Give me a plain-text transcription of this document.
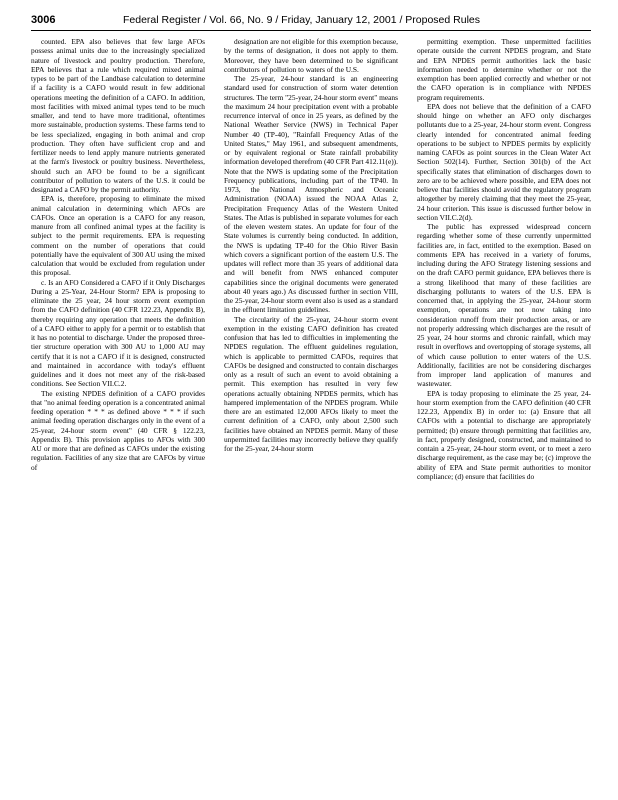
3006	Federal Register / Vol. 66, No. 9 / Friday, January 12, 2001 / Proposed Rules

counted. EPA also believes that few large AFOs possess animal units due to the increasingly specialized nature of livestock and poultry production. Therefore, EPA believes that a rule which required mixed animal types to be part of the Landbase calculation to determine if a facility is a CAFO would result in few additional operations meeting the definition of a CAFO. In addition, most facilities with mixed animal types tend to be much smaller, and tend to have more traditional, oftentimes more sustainable, production systems. These farms tend to be less specialized, engaging in both animal and crop production. They often have sufficient crop and and fertilizer needs to lend apply manure nutrients generated at the farm's livestock or poultry business. Nevertheless, should such an AFO be found to be a significant contributor of pollution to waters of the U.S. it could be designated a CAFO by the permit authority.

EPA is, therefore, proposing to eliminate the mixed animal calculation in determining which AFOs are CAFOs. Once an operation is a CAFO for any reason, manure from all confined animal types at the facility is subject to the permit requirements. EPA is requesting comment on the number of operations that could potentially have the equivalent of 300 AU using the mixed calculation that would be excluded from regulation under this proposal.

c. Is an AFO Considered a CAFO if it Only Discharges During a 25-Year, 24-Hour Storm? EPA is proposing to eliminate the 25 year, 24 hour storm event exemption from the CAFO definition (40 CFR 122.23, Appendix B), thereby requiring any operation that meets the definition of a CAFO either to apply for a permit or to establish that it has no potential to discharge. Under the proposed three-tier structure operation with 300 AU to 1,000 AU may certify that it is not a CAFO if it is designed, constructed and maintained in accordance with today's effluent guidelines and it does not meet any of the risk-based conditions. See Section VII.C.2.

The existing NPDES definition of a CAFO provides that "no animal feeding operation is a concentrated animal feeding operation * * * as defined above * * * if such animal feeding operation discharges only in the event of a 25-year, 24-hour storm event" (40 CFR § 122.23, Appendix B). This provision applies to AFOs with 300 AU or more that are defined as CAFOs under the existing regulation. Facilities of any size that are CAFOs by virtue of

designation are not eligible for this exemption because, by the terms of designation, it does not apply to them. Moreover, they have been determined to be significant contributors of pollution to waters of the U.S.

The 25-year, 24-hour standard is an engineering standard used for construction of storm water detention structures. The term "25-year, 24-hour storm event" means the maximum 24 hour precipitation event with a probable recurrence interval of once in 25 years, as defined by the National Weather Service (NWS) in Technical Paper Number 40 (TP-40), "Rainfall Frequency Atlas of the United States," May 1961, and subsequent amendments, or by equivalent regional or State rainfall probability information developed therefrom (40 CFR Part 412.11(e)). Note that the NWS is updating some of the Precipitation Frequency publications, including part of the TP40. In 1973, the National Atmospheric and Oceanic Administration (NOAA) issued the NOAA Atlas 2, Precipitation Frequency Atlas of the Western United States. The Atlas is published in separate volumes for each of the eleven western states. An update for four of the State volumes is currently being conducted. In addition, the NWS is updating TP-40 for the Ohio River Basin which covers a significant portion of the eastern U.S. The updates will reflect more than 35 years of additional data and will benefit from NWS enhanced computer capabilities since the original documents were generated about 40 years ago.) As discussed further in section VIII, the 25-year, 24-hour storm event also is used as a standard in the effluent limitation guidelines.

The circularity of the 25-year, 24-hour storm event exemption in the existing CAFO definition has created confusion that has led to difficulties in implementing the NPDES regulation. The effluent guidelines regulation, which is applicable to permitted CAFOs, requires that CAFOs be designed and constructed to contain discharges only as a result of such an event to avoid obtaining a permit. This exemption has resulted in very few operations actually obtaining NPDES permits, which has hampered implementation of the NPDES program. While there are an estimated 12,000 AFOs likely to meet the current definition of a CAFO, only about 2,500 such facilities have obtained an NPDES permit. Many of these unpermitted facilities may incorrectly believe they qualify for the 25-year, 24-hour storm

permitting exemption. These unpermitted facilities operate outside the current NPDES program, and State and EPA NPDES permit authorities lack the basic information needed to determine whether or not the exemption has been applied correctly and whether or not the CAFO operation is in compliance with NPDES program requirements.

EPA does not believe that the definition of a CAFO should hinge on whether an AFO only discharges pollutants due to a 25-year, 24-hour storm event. Congress clearly intended for concentrated animal feeding operations to be subject to NPDES permits by explicitly naming CAFOs as point sources in the Clean Water Act Section 502(14). Further, Section 301(b) of the Act specifically states that elimination of discharges down to zero are to be achieved where possible, and EPA does not believe that facilities should avoid the regulatory program altogether by merely claiming that they meet the 25-year, 24 hour criterion. This issue is discussed further below in section VII.C.2(d).

The public has expressed widespread concern regarding whether some of these currently unpermitted facilities are, in fact, entitled to the exemption. Based on comments EPA has received in a variety of forums, including during the AFO Strategy listening sessions and on the draft CAFO permit guidance, EPA believes there is a strong likelihood that many of these facilities are discharging pollutants to waters of the U.S. EPA is concerned that, in applying the 25-year, 24-hour storm exemption, operations are not now taking into consideration runoff from their production areas, or are not properly addressing which discharges are the result of 25 year, 24 hour storms and chronic rainfall, which may result in overflows and overtopping of storage systems, all of which cause pollution to enter waters of the U.S. Additionally, facilities are not be considering discharges from improper land application of manures and wastewater.

EPA is today proposing to eliminate the 25 year, 24-hour storm exemption from the CAFO definition (40 CFR 122.23, Appendix B) in order to: (a) Ensure that all CAFOs with a potential to discharge are appropriately permitted; (b) ensure through permitting that facilities are, in fact, properly designed, constructed, and maintained to contain a 25-year, 24-hour storm event, or to meet a zero discharge requirement, as the case may be; (c) improve the ability of EPA and State permit authorities to monitor compliance; (d) ensure that facilities do
